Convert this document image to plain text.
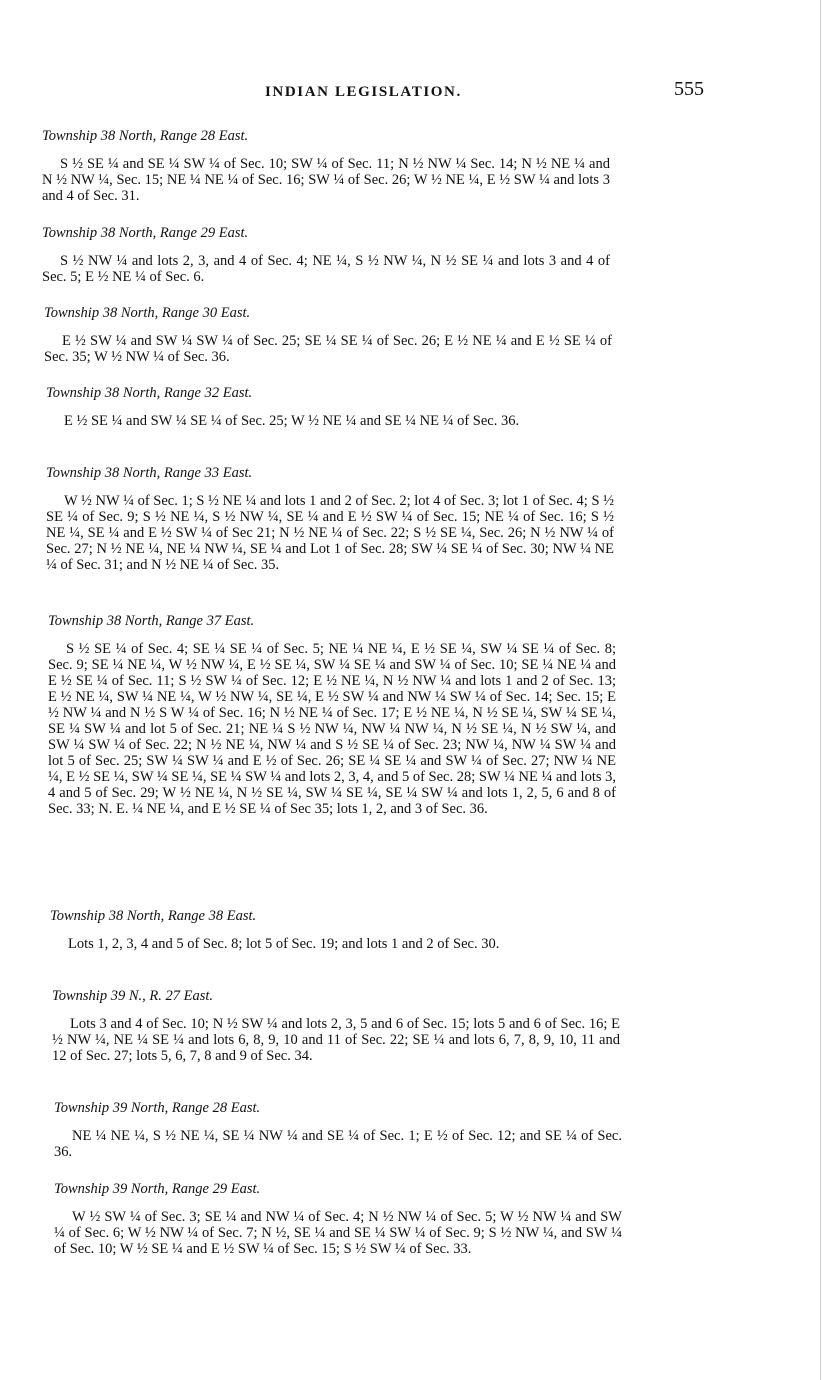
INDIAN LEGISLATION.	555

Township 38 North, Range 28 East.

S ½ SE ¼ and SE ¼ SW ¼ of Sec. 10; SW ¼ of Sec. 11; N ½ NW ¼ Sec. 14; N ½ NE ¼ and N ½ NW ¼, Sec. 15; NE ¼ NE ¼ of Sec. 16; SW ¼ of Sec. 26; W ½ NE ¼, E ½ SW ¼ and lots 3 and 4 of Sec. 31.

Township 38 North, Range 29 East.

S ½ NW ¼ and lots 2, 3, and 4 of Sec. 4; NE ¼, S ½ NW ¼, N ½ SE ¼ and lots 3 and 4 of Sec. 5; E ½ NE ¼ of Sec. 6.

Township 38 North, Range 30 East.

E ½ SW ¼ and SW ¼ SW ¼ of Sec. 25; SE ¼ SE ¼ of Sec. 26; E ½ NE ¼ and E ½ SE ¼ of Sec. 35; W ½ NW ¼ of Sec. 36.

Township 38 North, Range 32 East.

E ½ SE ¼ and SW ¼ SE ¼ of Sec. 25; W ½ NE ¼ and SE ¼ NE ¼ of Sec. 36.

Township 38 North, Range 33 East.

W ½ NW ¼ of Sec. 1; S ½ NE ¼ and lots 1 and 2 of Sec. 2; lot 4 of Sec. 3; lot 1 of Sec. 4; S ½ SE ¼ of Sec. 9; S ½ NE ¼, S ½ NW ¼, SE ¼ and E ½ SW ¼ of Sec. 15; NE ¼ of Sec. 16; S ½ NE ¼, SE ¼ and E ½ SW ¼ of Sec 21; N ½ NE ¼ of Sec. 22; S ½ SE ¼, Sec. 26; N ½ NW ¼ of Sec. 27; N ½ NE ¼, NE ¼ NW ¼, SE ¼ and Lot 1 of Sec. 28; SW ¼ SE ¼ of Sec. 30; NW ¼ NE ¼ of Sec. 31; and N ½ NE ¼ of Sec. 35.

Township 38 North, Range 37 East.

S ½ SE ¼ of Sec. 4; SE ¼ SE ¼ of Sec. 5; NE ¼ NE ¼, E ½ SE ¼, SW ¼ SE ¼ of Sec. 8; Sec. 9; SE ¼ NE ¼, W ½ NW ¼, E ½ SE ¼, SW ¼ SE ¼ and SW ¼ of Sec. 10; SE ¼ NE ¼ and E ½ SE ¼ of Sec. 11; S ½ SW ¼ of Sec. 12; E ½ NE ¼, N ½ NW ¼ and lots 1 and 2 of Sec. 13; E ½ NE ¼, SW ¼ NE ¼, W ½ NW ¼, SE ¼, E ½ SW ¼ and NW ¼ SW ¼ of Sec. 14; Sec. 15; E ½ NW ¼ and N ½ S W ¼ of Sec. 16; N ½ NE ¼ of Sec. 17; E ½ NE ¼, N ½ SE ¼, SW ¼ SE ¼, SE ¼ SW ¼ and lot 5 of Sec. 21; NE ¼ S ½ NW ¼, NW ¼ NW ¼, N ½ SE ¼, N ½ SW ¼, and SW ¼ SW ¼ of Sec. 22; N ½ NE ¼, NW ¼ and S ½ SE ¼ of Sec. 23; NW ¼, NW ¼ SW ¼ and lot 5 of Sec. 25; SW ¼ SW ¼ and E ½ of Sec. 26; SE ¼ SE ¼ and SW ¼ of Sec. 27; NW ¼ NE ¼, E ½ SE ¼, SW ¼ SE ¼, SE ¼ SW ¼ and lots 2, 3, 4, and 5 of Sec. 28; SW ¼ NE ¼ and lots 3, 4 and 5 of Sec. 29; W ½ NE ¼, N ½ SE ¼, SW ¼ SE ¼, SE ¼ SW ¼ and lots 1, 2, 5, 6 and 8 of Sec. 33; N. E. ¼ NE ¼, and E ½ SE ¼ of Sec 35; lots 1, 2, and 3 of Sec. 36.

Township 38 North, Range 38 East.

Lots 1, 2, 3, 4 and 5 of Sec. 8; lot 5 of Sec. 19; and lots 1 and 2 of Sec. 30.

Township 39 N., R. 27 East.

Lots 3 and 4 of Sec. 10; N ½ SW ¼ and lots 2, 3, 5 and 6 of Sec. 15; lots 5 and 6 of Sec. 16; E ½ NW ¼, NE ¼ SE ¼ and lots 6, 8, 9, 10 and 11 of Sec. 22; SE ¼ and lots 6, 7, 8, 9, 10, 11 and 12 of Sec. 27; lots 5, 6, 7, 8 and 9 of Sec. 34.

Township 39 North, Range 28 East.

NE ¼ NE ¼, S ½ NE ¼, SE ¼ NW ¼ and SE ¼ of Sec. 1; E ½ of Sec. 12; and SE ¼ of Sec. 36.

Township 39 North, Range 29 East.

W ½ SW ¼ of Sec. 3; SE ¼ and NW ¼ of Sec. 4; N ½ NW ¼ of Sec. 5; W ½ NW ¼ and SW ¼ of Sec. 6; W ½ NW ¼ of Sec. 7; N ½, SE ¼ and SE ¼ SW ¼ of Sec. 9; S ½ NW ¼, and SW ¼ of Sec. 10; W ½ SE ¼ and E ½ SW ¼ of Sec. 15; S ½ SW ¼ of Sec. 33.
